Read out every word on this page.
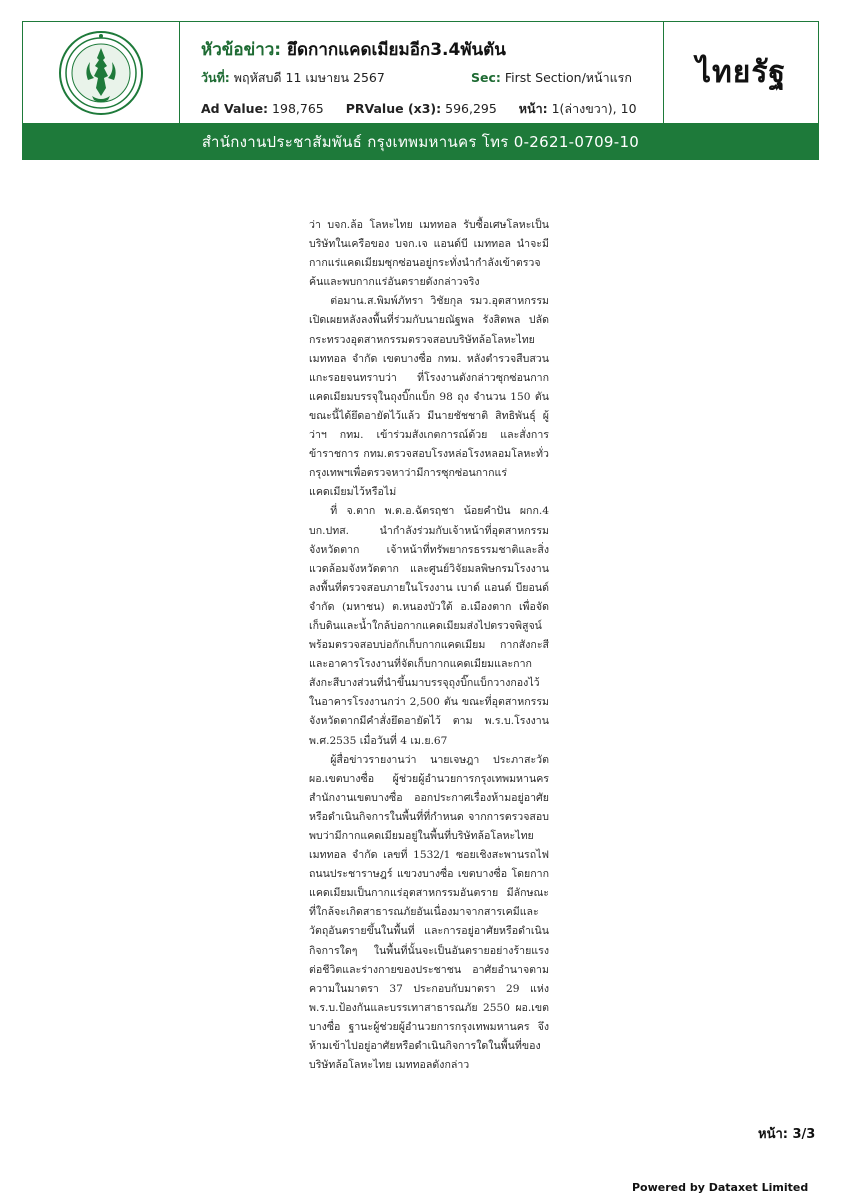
หัวข้อข่าว: ยึดกากแคดเมียมอีก3.4พันตัน
วันที่: พฤหัสบดี 11 เมษายน 2567	Sec: First Section/หน้าแรก
Ad Value: 198,765 PRValue (x3): 596,295 หน้า: 1(ล่างขวา), 10
ไทยรัฐ
สำนักงานประชาสัมพันธ์ กรุงเทพมหานคร โทร 0-2621-0709-10

ว่า บจก.ล้อ โลหะไทย เมททอล รับซื้อเศษโลหะเป็นบริษัทในเครือของ บจก.เจ แอนด์บี เมททอล นำจะมีกากแร่แคดเมียมซุกซ่อนอยู่กระทั่งนำกำลังเข้าตรวจค้นและพบกากแร่อันตรายดังกล่าวจริง

ต่อมาน.ส.พิมพ์ภัทรา วิชัยกุล รมว.อุตสาหกรรม เปิดเผยหลังลงพื้นที่ร่วมกับนายณัฐพล รังสิตพล ปลัดกระทรวงอุตสาหกรรมตรวจสอบบริษัทล้อโลหะไทย เมททอล จำกัด เขตบางซื่อ กทม. หลังตำรวจสืบสวนแกะรอยจนทราบว่า ที่โรงงานดังกล่าวซุกซ่อนกากแคดเมียมบรรจุในถุงบิ๊กแบ็ก 98 ถุง จำนวน 150 ตัน ขณะนี้ได้ยึดอายัดไว้แล้ว มีนายชัชชาติ สิทธิพันธุ์ ผู้ว่าฯ กทม. เข้าร่วมสังเกตการณ์ด้วย และสั่งการข้าราชการ กทม.ตรวจสอบโรงหล่อโรงหลอมโลหะทั่วกรุงเทพฯเพื่อตรวจหาว่ามีการซุกซ่อนกากแร่แคดเมียมไว้หรือไม่

ที่ จ.ตาก พ.ต.อ.ฉัตรฤชา น้อยคำปัน ผกก.4 บก.ปทส. นำกำลังร่วมกับเจ้าหน้าที่อุตสาหกรรมจังหวัดตาก เจ้าหน้าที่ทรัพยากรธรรมชาติและสิ่งแวดล้อมจังหวัดตาก และศูนย์วิจัยมลพิษกรมโรงงาน ลงพื้นที่ตรวจสอบภายในโรงงาน เบาด์ แอนด์ บียอนด์ จำกัด (มหาชน) ต.หนองบัวใต้ อ.เมืองตาก เพื่อจัดเก็บดินและน้ำใกล้บ่อกากแคดเมียมส่งไปตรวจพิสูจน์ พร้อมตรวจสอบบ่อกักเก็บกากแคดเมียม กากสังกะสีและอาคารโรงงานที่จัดเก็บกากแคดเมียมและกากสังกะสีบางส่วนที่นำขึ้นมาบรรจุถุงบิ๊กแบ็กวางกองไว้ในอาคารโรงงานกว่า 2,500 ตัน ขณะที่อุตสาหกรรมจังหวัดตากมีคำสั่งยึดอายัดไว้ ตาม พ.ร.บ.โรงงาน พ.ศ.2535 เมื่อวันที่ 4 เม.ย.67

ผู้สื่อข่าวรายงานว่า นายเจษฎา ประภาสะวัต ผอ.เขตบางซื่อ ผู้ช่วยผู้อำนวยการกรุงเทพมหานคร สำนักงานเขตบางซื่อ ออกประกาศเรื่องห้ามอยู่อาศัยหรือดำเนินกิจการในพื้นที่ที่กำหนด จากการตรวจสอบพบว่ามีกากแคดเมียมอยู่ในพื้นที่บริษัทล้อโลหะไทย เมททอล จำกัด เลขที่ 1532/1 ซอยเชิงสะพานรถไฟ ถนนประชาราษฎร์ แขวงบางซื่อ เขตบางซื่อ โดยกากแคดเมียมเป็นกากแร่อุตสาหกรรมอันตราย มีลักษณะที่ใกล้จะเกิดสาธารณภัยอันเนื่องมาจากสารเคมีและวัตถุอันตรายขึ้นในพื้นที่ และการอยู่อาศัยหรือดำเนินกิจการใดๆ ในพื้นที่นั้นจะเป็นอันตรายอย่างร้ายแรงต่อชีวิตและร่างกายของประชาชน อาศัยอำนาจตามความในมาตรา 37 ประกอบกับมาตรา 29 แห่ง พ.ร.บ.ป้องกันและบรรเทาสาธารณภัย 2550 ผอ.เขตบางซื่อ ฐานะผู้ช่วยผู้อำนวยการกรุงเทพมหานคร จึงห้ามเข้าไปอยู่อาศัยหรือดำเนินกิจการใดในพื้นที่ของบริษัทล้อโลหะไทย เมททอลดังกล่าว

หน้า: 3/3
Powered by Dataxet Limited
